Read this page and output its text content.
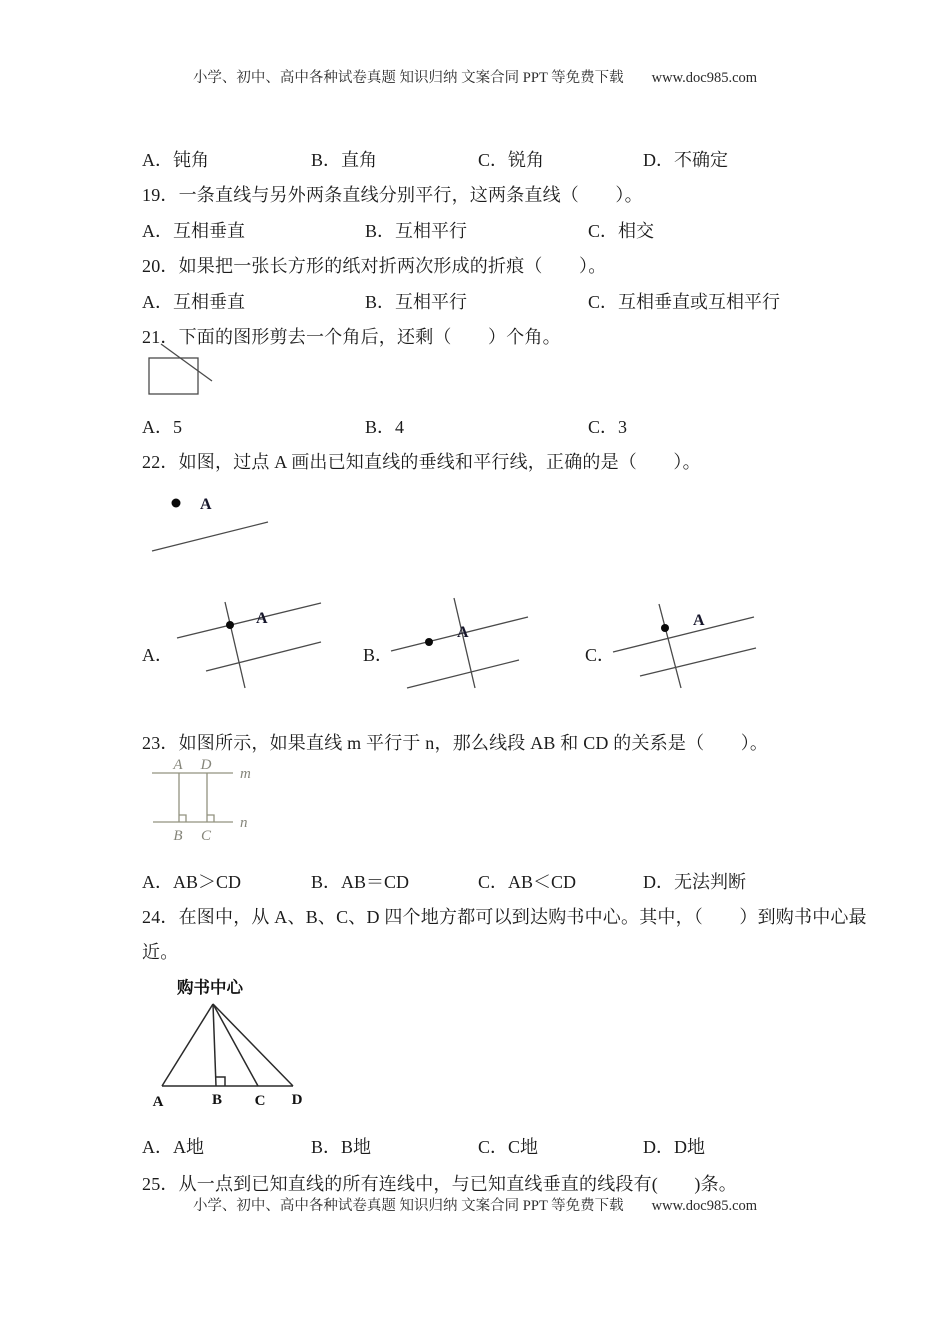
小学、初中、高中各种试卷真题 知识归纳 文案合同 PPT 等免费下载 www.doc985.com
A．钝角	B．直角	C．锐角	D．不确定
19．一条直线与另外两条直线分别平行，这两条直线（　　）。
A．互相垂直	B．互相平行	C．相交
20．如果把一张长方形的纸对折两次形成的折痕（　　）。
A．互相垂直	B．互相平行	C．互相垂直或互相平行
21．下面的图形剪去一个角后，还剩（　　）个角。
A．5	B．4	C．3
22．如图，过点 A 画出已知直线的垂线和平行线，正确的是（　　）。
A
A．
A
B．
A
C．
A
23．如图所示，如果直线 m 平行于 n，那么线段 AB 和 CD 的关系是（　　）。
A D
B C
m
n
A．AB＞CD	B．AB＝CD	C．AB＜CD	D．无法判断
24．在图中，从 A、B、C、D 四个地方都可以到达购书中心。其中，（　　）到购书中心最
近。
购书中心
A	B C D
A．A地	B．B地	C．C地	D．D地
25．从一点到已知直线的所有连线中，与已知直线垂直的线段有(　　)条。
小学、初中、高中各种试卷真题 知识归纳 文案合同 PPT 等免费下载 www.doc985.com
